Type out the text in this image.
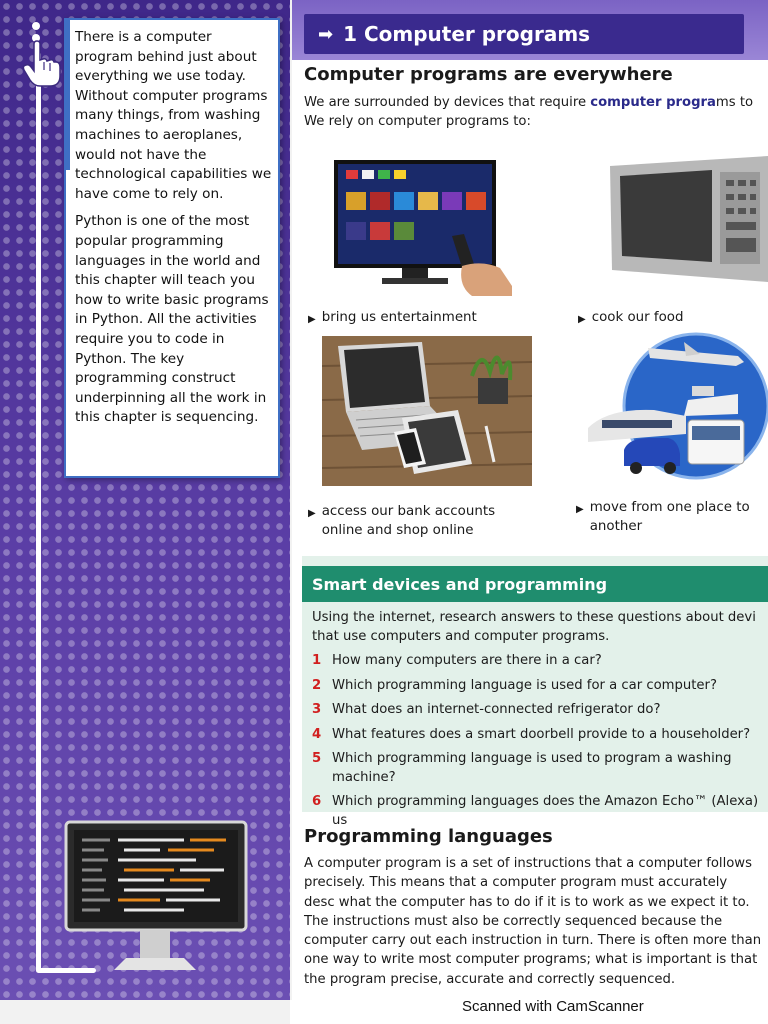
There is a computer program behind just about everything we use today. Without computer programs many things, from washing machines to aeroplanes, would not have the technological capabilities we have come to rely on.

Python is one of the most popular programming languages in the world and this chapter will teach you how to write basic programs in Python. All the activities require you to code in Python. The key programming construct underpinning all the work in this chapter is sequencing.

➡ 1 Computer programs
Computer programs are everywhere
We are surrounded by devices that require computer programs to
We rely on computer programs to:
▶ bring us entertainment	▶ cook our food
▶ access our bank accounts online and shop online
▶ move from one place to another
Smart devices and programming
Using the internet, research answers to these questions about devi that use computers and computer programs.
1 How many computers are there in a car?
2 Which programming language is used for a car computer?
3 What does an internet-connected refrigerator do?
4 What features does a smart doorbell provide to a householder?
5 Which programming language is used to program a washing machine?
6 Which programming languages does the Amazon Echo™ (Alexa) us
Programming languages
A computer program is a set of instructions that a computer follows precisely. This means that a computer program must accurately desc what the computer has to do if it is to work as we expect it to. The instructions must also be correctly sequenced because the computer carry out each instruction in turn. There is often more than one way to write most computer programs; what is important is that the program precise, accurate and correctly sequenced.
Scanned with CamScanner
